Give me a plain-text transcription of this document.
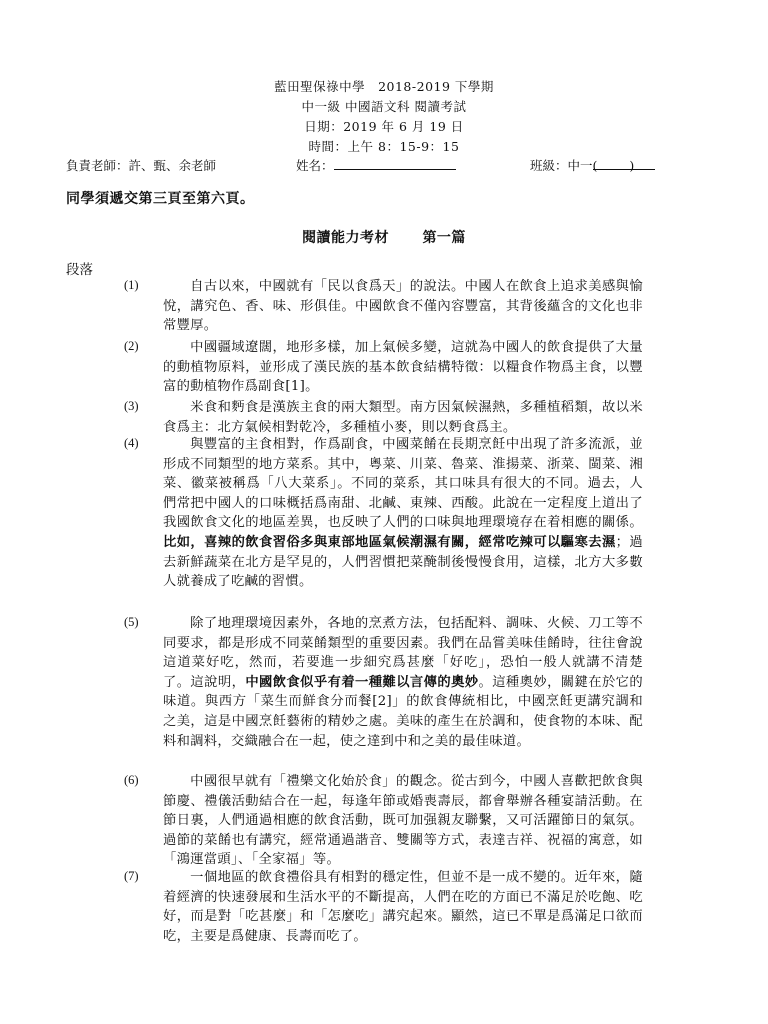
藍田聖保祿中學　2018-2019 下學期
中一級 中國語文科 閱讀考試
日期：2019 年 6 月 19 日
時間：上午 8：15-9：15
負責老師：許、甄、余老師	姓名：	班級：中一
(	)
同學須遞交第三頁至第六頁。
閱讀能力考材 第一篇
段落
(1)	自古以來，中國就有「民以食爲天」的說法。中國人在飲食上追求美感與愉悅，講究色、香、味、形俱佳。中國飲食不僅內容豐富，其背後蘊含的文化也非常豐厚。
(2)	中國疆域遼闊，地形多樣，加上氣候多變，這就為中國人的飲食提供了大量的動植物原料，並形成了漢民族的基本飲食結構特徵：以糧食作物爲主食，以豐富的動植物作爲副食[1]。
(3)	米食和麪食是漢族主食的兩大類型。南方因氣候濕熱，多種植稻類，故以米食爲主：北方氣候相對乾冷，多種植小麥，則以麪食爲主。
(4)	與豐富的主食相對，作爲副食，中國菜餚在長期烹飪中出現了許多流派，並形成不同類型的地方菜系。其中，粵菜、川菜、魯菜、淮揚菜、浙菜、閩菜、湘菜、徽菜被稱爲「八大菜系」。不同的菜系，其口味具有很大的不同。過去，人們常把中國人的口味概括爲南甜、北鹹、東辣、西酸。此說在一定程度上道出了我國飲食文化的地區差異，也反映了人們的口味與地理環境存在着相應的關係。比如，喜辣的飲食習俗多與東部地區氣候潮濕有關，經常吃辣可以驅寒去濕；過去新鮮蔬菜在北方是罕見的，人們習慣把菜醃制後慢慢食用，這樣，北方大多數人就養成了吃鹹的習慣。
(5)	除了地理環境因素外，各地的烹煮方法，包括配料、調味、火候、刀工等不同要求，都是形成不同菜餚類型的重要因素。我們在品嘗美味佳餚時，往往會說這道菜好吃，然而，若要進一步細究爲甚麼「好吃」，恐怕一般人就講不清楚了。這說明，中國飲食似乎有着一種難以言傳的奧妙。這種奧妙，關鍵在於它的味道。與西方「菜生而鮮食分而餐[2]」的飲食傳統相比，中國烹飪更講究調和之美，這是中國烹飪藝術的精妙之處。美味的產生在於調和，使食物的本味、配料和調料，交織融合在一起，使之達到中和之美的最佳味道。
(6)	中國很早就有「禮樂文化始於食」的觀念。從古到今，中國人喜歡把飲食與節慶、禮儀活動結合在一起，每逢年節或婚喪壽辰，都會舉辦各種宴請活動。在節日裏，人們通過相應的飲食活動，既可加强親友聯繫，又可活躍節日的氣氛。過節的菜餚也有講究，經常通過諧音、雙關等方式，表達吉祥、祝福的寓意，如「鴻運當頭」、「全家福」等。
(7)	一個地區的飲食禮俗具有相對的穩定性，但並不是一成不變的。近年來，隨着經濟的快速發展和生活水平的不斷提高，人們在吃的方面已不滿足於吃飽、吃好，而是對「吃甚麼」和「怎麼吃」講究起來。顯然，這已不單是爲滿足口欲而吃，主要是爲健康、長壽而吃了。
